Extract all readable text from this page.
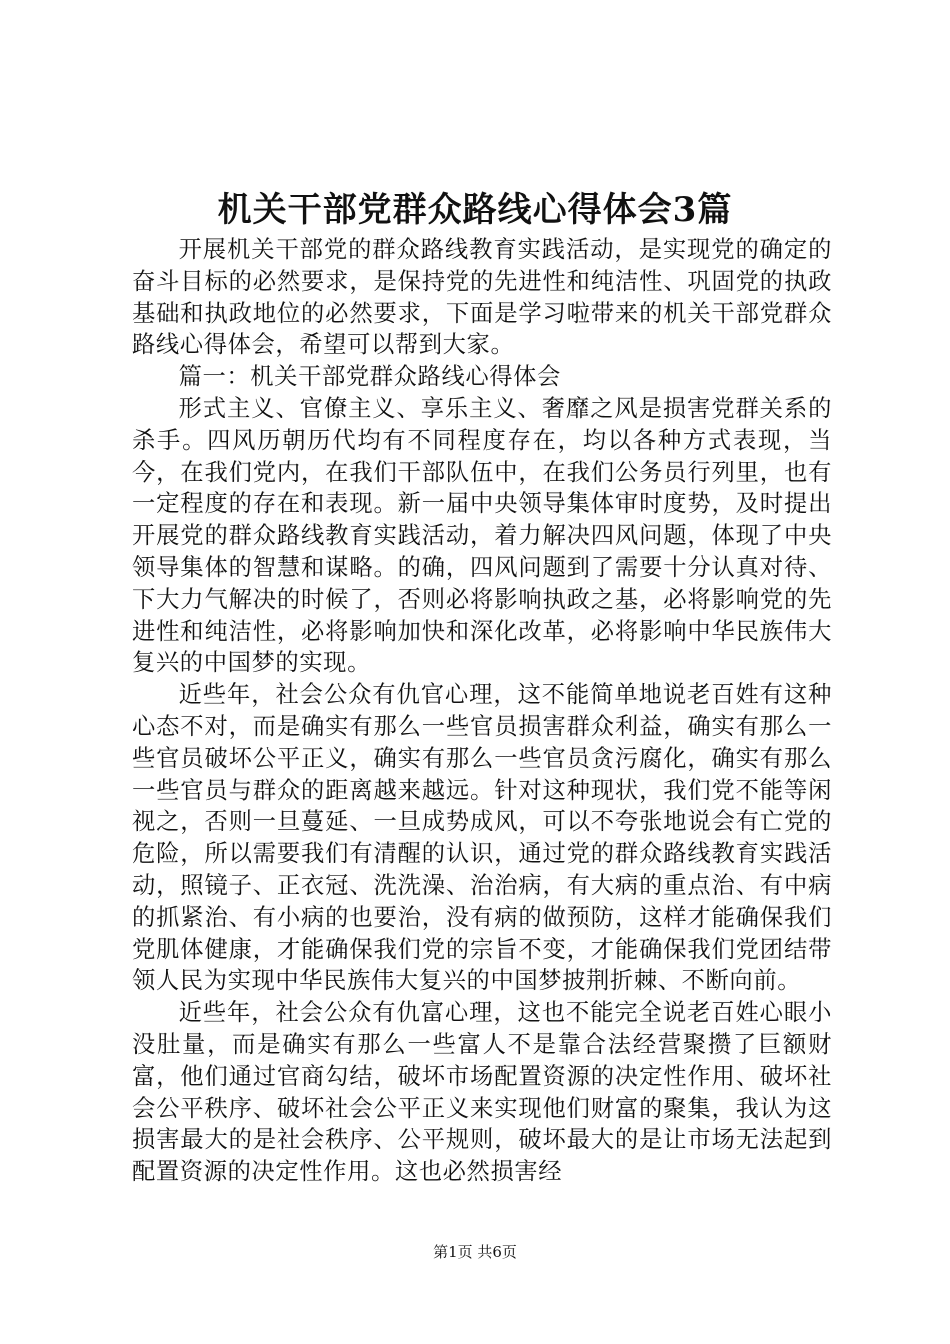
机关干部党群众路线心得体会3篇

开展机关干部党的群众路线教育实践活动，是实现党的确定的奋斗目标的必然要求，是保持党的先进性和纯洁性、巩固党的执政基础和执政地位的必然要求，下面是学习啦带来的机关干部党群众路线心得体会，希望可以帮到大家。

篇一：机关干部党群众路线心得体会

形式主义、官僚主义、享乐主义、奢靡之风是损害党群关系的杀手。四风历朝历代均有不同程度存在，均以各种方式表现，当今，在我们党内，在我们干部队伍中，在我们公务员行列里，也有一定程度的存在和表现。新一届中央领导集体审时度势，及时提出开展党的群众路线教育实践活动，着力解决四风问题，体现了中央领导集体的智慧和谋略。的确，四风问题到了需要十分认真对待、下大力气解决的时候了，否则必将影响执政之基，必将影响党的先进性和纯洁性，必将影响加快和深化改革，必将影响中华民族伟大复兴的中国梦的实现。

近些年，社会公众有仇官心理，这不能简单地说老百姓有这种心态不对，而是确实有那么一些官员损害群众利益，确实有那么一些官员破坏公平正义，确实有那么一些官员贪污腐化，确实有那么一些官员与群众的距离越来越远。针对这种现状，我们党不能等闲视之，否则一旦蔓延、一旦成势成风，可以不夸张地说会有亡党的危险，所以需要我们有清醒的认识，通过党的群众路线教育实践活动，照镜子、正衣冠、洗洗澡、治治病，有大病的重点治、有中病的抓紧治、有小病的也要治，没有病的做预防，这样才能确保我们党肌体健康，才能确保我们党的宗旨不变，才能确保我们党团结带领人民为实现中华民族伟大复兴的中国梦披荆折棘、不断向前。

近些年，社会公众有仇富心理，这也不能完全说老百姓心眼小没肚量，而是确实有那么一些富人不是靠合法经营聚攒了巨额财富，他们通过官商勾结，破坏市场配置资源的决定性作用、破坏社会公平秩序、破坏社会公平正义来实现他们财富的聚集，我认为这损害最大的是社会秩序、公平规则，破坏最大的是让市场无法起到配置资源的决定性作用。这也必然损害经

第1页 共6页
